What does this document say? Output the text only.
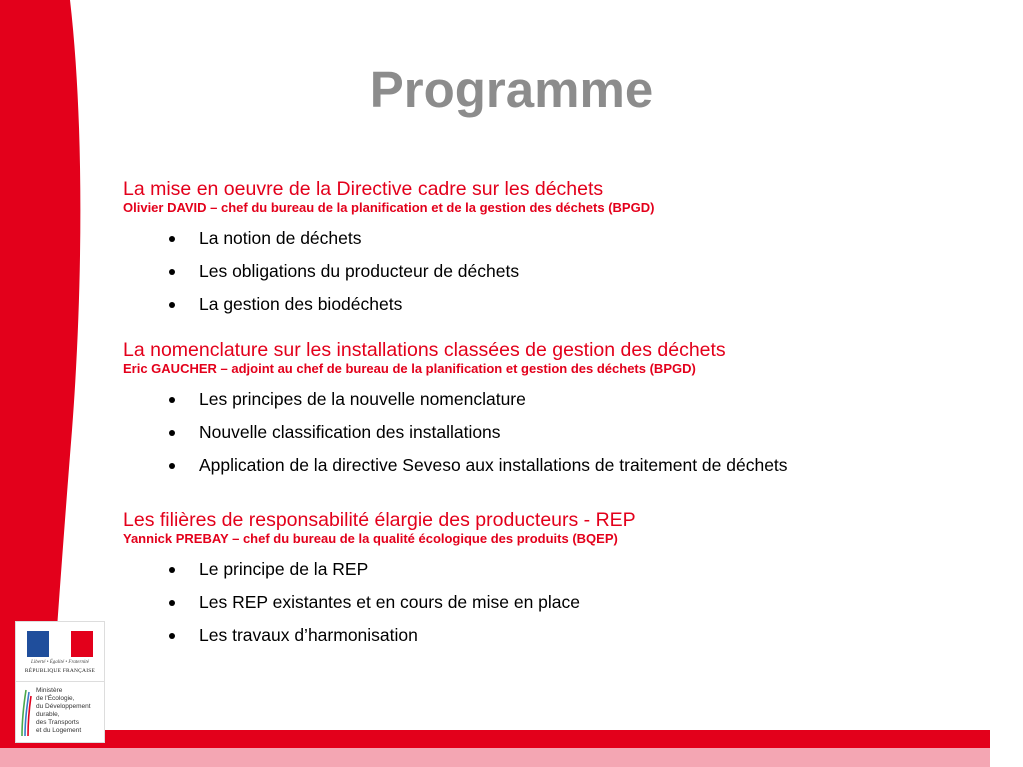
Programme

La mise en oeuvre de la Directive cadre sur les déchets

Olivier DAVID – chef du bureau de la planification et de la gestion des déchets (BPGD)

La notion de déchets
Les obligations du producteur de déchets
La gestion des biodéchets

La nomenclature sur les installations classées de gestion des déchets

Eric GAUCHER – adjoint au chef de bureau de la planification et gestion des déchets (BPGD)

Les principes de la nouvelle nomenclature
Nouvelle classification des installations
Application de la directive Seveso aux installations de traitement de déchets

Les filières de responsabilité élargie des producteurs - REP

Yannick PREBAY – chef du bureau de la qualité écologique des produits (BQEP)

Le principe de la REP
Les REP existantes et en cours de mise en place
Les travaux d’harmonisation
Liberté • Égalité • Fraternité
RÉPUBLIQUE FRANÇAISE
Ministère
de l'Écologie,
du Développement
durable,
des Transports
et du Logement
